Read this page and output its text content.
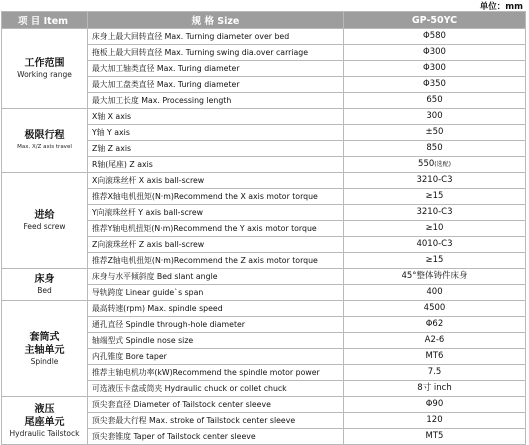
单位：mm
项 目 Item	规 格 Size	GP-50YC

工作范围
Working range	床身上最大回转直径 Max. Turning diameter over bed	Φ580
	拖板上最大回转直径 Max. Turning swing dia.over carriage	Φ300
	最大加工轴类直径 Max. Turing diameter	Φ300
	最大加工盘类直径 Max. Turing diameter	Φ350
	最大加工长度 Max. Processing length	650

极限行程
Max. X/Z axis travel	X轴 X axis	300
	Y轴 Y axis	±50
	Z轴 Z axis	850
	R轴(尾座) Z axis	550(选配)

进给
Feed screw	X向滚珠丝杆 X axis ball-screw	3210-C3
	推荐X轴电机扭矩(N·m)Recommend the X axis motor torque	≥15
	Y向滚珠丝杆 Y axis ball-screw	3210-C3
	推荐Y轴电机扭矩(N·m)Recommend the Y axis motor torque	≥10
	Z向滚珠丝杆 Z axis ball-screw	4010-C3
	推荐Z轴电机扭矩(N·m)Recommend the Z axis motor torque	≥15

床身
Bed	床身与水平倾斜度 Bed slant angle	45°整体铸件床身
	导轨跨度 Linear guide`s span	400

套筒式
主轴单元
Spindle	最高转速(rpm) Max. spindle speed	4500
	通孔直径 Spindle through-hole diameter	Φ62
	轴端型式 Spindle nose size	A2-6
	内孔锥度 Bore taper	MT6
	推荐主轴电机功率(kW)Recommend the spindle motor power	7.5
	可选液压卡盘或筒夹 Hydraulic chuck or collet chuck	8寸 inch

液压
尾座单元
Hydraulic Tailstock	顶尖套直径 Diameter of Tailstock center sleeve	Φ90
	顶尖套最大行程 Max. stroke of Tailstock center sleeve	120
	顶尖套锥度 Taper of Tailstock center sleeve	MT5
